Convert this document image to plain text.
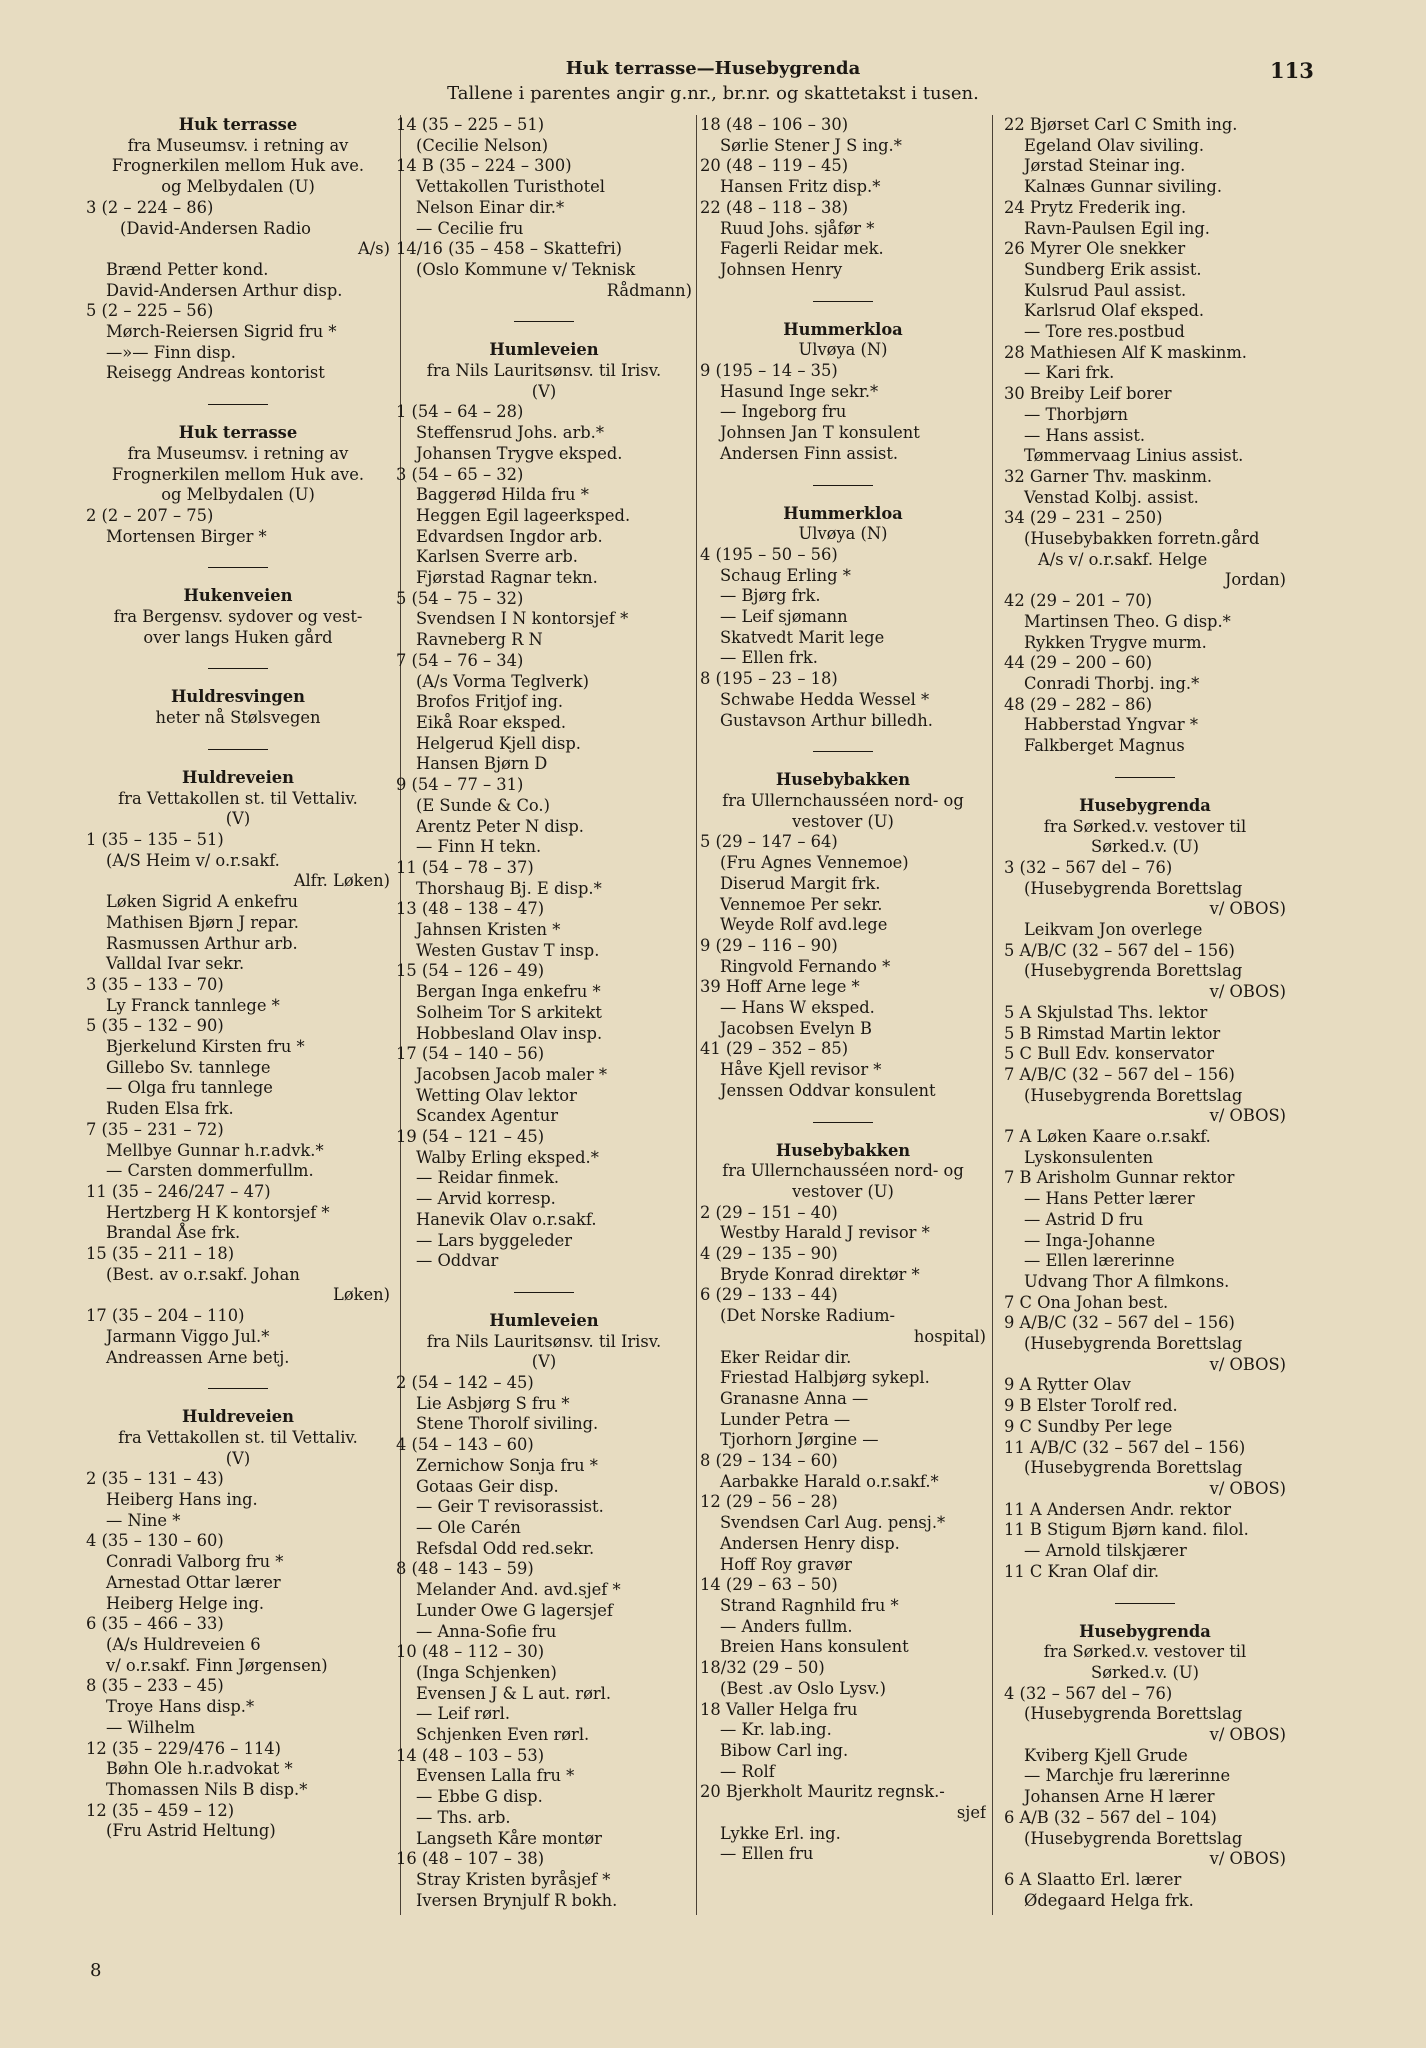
Huk terrasse—Husebygrenda
Tallene i parentes angir g.nr., br.nr. og skattetakst i tusen.
113
Huk terrasse
fra Museumsv. i retning av
Frognerkilen mellom Huk ave.
og Melbydalen (U)
3 (2 – 224 – 86)
(David-Andersen Radio
A/s)
Brænd Petter kond.
David-Andersen Arthur disp.
5 (2 – 225 – 56)
Mørch-Reiersen Sigrid fru *
—»— Finn disp.
Reisegg Andreas kontorist
Huk terrasse
fra Museumsv. i retning av
Frognerkilen mellom Huk ave.
og Melbydalen (U)
2 (2 – 207 – 75)
Mortensen Birger *
Hukenveien
fra Bergensv. sydover og vest-
over langs Huken gård
Huldresvingen
heter nå Stølsvegen
Huldreveien
fra Vettakollen st. til Vettaliv.
(V)
1 (35 – 135 – 51)
(A/S Heim v/ o.r.sakf.
Alfr. Løken)
Løken Sigrid A enkefru
Mathisen Bjørn J repar.
Rasmussen Arthur arb.
Valldal Ivar sekr.
3 (35 – 133 – 70)
Ly Franck tannlege *
5 (35 – 132 – 90)
Bjerkelund Kirsten fru *
Gillebo Sv. tannlege
— Olga fru tannlege
Ruden Elsa frk.
7 (35 – 231 – 72)
Mellbye Gunnar h.r.advk.*
— Carsten dommerfullm.
11 (35 – 246/247 – 47)
Hertzberg H K kontorsjef *
Brandal Åse frk.
15 (35 – 211 – 18)
(Best. av o.r.sakf. Johan
Løken)
17 (35 – 204 – 110)
Jarmann Viggo Jul.*
Andreassen Arne betj.
Huldreveien
fra Vettakollen st. til Vettaliv.
(V)
2 (35 – 131 – 43)
Heiberg Hans ing.
— Nine *
4 (35 – 130 – 60)
Conradi Valborg fru *
Arnestad Ottar lærer
Heiberg Helge ing.
6 (35 – 466 – 33)
(A/s Huldreveien 6
v/ o.r.sakf. Finn Jørgensen)
8 (35 – 233 – 45)
Troye Hans disp.*
— Wilhelm
12 (35 – 229/476 – 114)
Bøhn Ole h.r.advokat *
Thomassen Nils B disp.*
12 (35 – 459 – 12)
(Fru Astrid Heltung)
14 (35 – 225 – 51)
(Cecilie Nelson)
14 B (35 – 224 – 300)
Vettakollen Turisthotel
Nelson Einar dir.*
— Cecilie fru
14/16 (35 – 458 – Skattefri)
(Oslo Kommune v/ Teknisk
Rådmann)
Humleveien
fra Nils Lauritsønsv. til Irisv.
(V)
1 (54 – 64 – 28)
Steffensrud Johs. arb.*
Johansen Trygve eksped.
3 (54 – 65 – 32)
Baggerød Hilda fru *
Heggen Egil lageerksped.
Edvardsen Ingdor arb.
Karlsen Sverre arb.
Fjørstad Ragnar tekn.
5 (54 – 75 – 32)
Svendsen I N kontorsjef *
Ravneberg R N
7 (54 – 76 – 34)
(A/s Vorma Teglverk)
Brofos Fritjof ing.
Eikå Roar eksped.
Helgerud Kjell disp.
Hansen Bjørn D
9 (54 – 77 – 31)
(E Sunde & Co.)
Arentz Peter N disp.
— Finn H tekn.
11 (54 – 78 – 37)
Thorshaug Bj. E disp.*
13 (48 – 138 – 47)
Jahnsen Kristen *
Westen Gustav T insp.
15 (54 – 126 – 49)
Bergan Inga enkefru *
Solheim Tor S arkitekt
Hobbesland Olav insp.
17 (54 – 140 – 56)
Jacobsen Jacob maler *
Wetting Olav lektor
Scandex Agentur
19 (54 – 121 – 45)
Walby Erling eksped.*
— Reidar finmek.
— Arvid korresp.
Hanevik Olav o.r.sakf.
— Lars byggeleder
— Oddvar
Humleveien
fra Nils Lauritsønsv. til Irisv.
(V)
2 (54 – 142 – 45)
Lie Asbjørg S fru *
Stene Thorolf siviling.
4 (54 – 143 – 60)
Zernichow Sonja fru *
Gotaas Geir disp.
— Geir T revisorassist.
— Ole Carén
Refsdal Odd red.sekr.
8 (48 – 143 – 59)
Melander And. avd.sjef *
Lunder Owe G lagersjef
— Anna-Sofie fru
10 (48 – 112 – 30)
(Inga Schjenken)
Evensen J & L aut. rørl.
— Leif rørl.
Schjenken Even rørl.
14 (48 – 103 – 53)
Evensen Lalla fru *
— Ebbe G disp.
— Ths. arb.
Langseth Kåre montør
16 (48 – 107 – 38)
Stray Kristen byråsjef *
Iversen Brynjulf R bokh.
18 (48 – 106 – 30)
Sørlie Stener J S ing.*
20 (48 – 119 – 45)
Hansen Fritz disp.*
22 (48 – 118 – 38)
Ruud Johs. sjåfør *
Fagerli Reidar mek.
Johnsen Henry
Hummerkloa
Ulvøya (N)
9 (195 – 14 – 35)
Hasund Inge sekr.*
— Ingeborg fru
Johnsen Jan T konsulent
Andersen Finn assist.
Hummerkloa
Ulvøya (N)
4 (195 – 50 – 56)
Schaug Erling *
— Bjørg frk.
— Leif sjømann
Skatvedt Marit lege
— Ellen frk.
8 (195 – 23 – 18)
Schwabe Hedda Wessel *
Gustavson Arthur billedh.
Husebybakken
fra Ullernchausséen nord- og
vestover (U)
5 (29 – 147 – 64)
(Fru Agnes Vennemoe)
Diserud Margit frk.
Vennemoe Per sekr.
Weyde Rolf avd.lege
9 (29 – 116 – 90)
Ringvold Fernando *
39 Hoff Arne lege *
— Hans W eksped.
Jacobsen Evelyn B
41 (29 – 352 – 85)
Håve Kjell revisor *
Jenssen Oddvar konsulent
Husebybakken
fra Ullernchausséen nord- og
vestover (U)
2 (29 – 151 – 40)
Westby Harald J revisor *
4 (29 – 135 – 90)
Bryde Konrad direktør *
6 (29 – 133 – 44)
(Det Norske Radium-
hospital)
Eker Reidar dir.
Friestad Halbjørg sykepl.
Granasne Anna —
Lunder Petra —
Tjorhorn Jørgine —
8 (29 – 134 – 60)
Aarbakke Harald o.r.sakf.*
12 (29 – 56 – 28)
Svendsen Carl Aug. pensj.*
Andersen Henry disp.
Hoff Roy gravør
14 (29 – 63 – 50)
Strand Ragnhild fru *
— Anders fullm.
Breien Hans konsulent
18/32 (29 – 50)
(Best .av Oslo Lysv.)
18 Valler Helga fru
— Kr. lab.ing.
Bibow Carl ing.
— Rolf
20 Bjerkholt Mauritz regnsk.-
sjef
Lykke Erl. ing.
— Ellen fru
22 Bjørset Carl C Smith ing.
Egeland Olav siviling.
Jørstad Steinar ing.
Kalnæs Gunnar siviling.
24 Prytz Frederik ing.
Ravn-Paulsen Egil ing.
26 Myrer Ole snekker
Sundberg Erik assist.
Kulsrud Paul assist.
Karlsrud Olaf eksped.
— Tore res.postbud
28 Mathiesen Alf K maskinm.
— Kari frk.
30 Breiby Leif borer
— Thorbjørn
— Hans assist.
Tømmervaag Linius assist.
32 Garner Thv. maskinm.
Venstad Kolbj. assist.
34 (29 – 231 – 250)
(Husebybakken forretn.gård
A/s v/ o.r.sakf. Helge
Jordan)
42 (29 – 201 – 70)
Martinsen Theo. G disp.*
Rykken Trygve murm.
44 (29 – 200 – 60)
Conradi Thorbj. ing.*
48 (29 – 282 – 86)
Habberstad Yngvar *
Falkberget Magnus
Husebygrenda
fra Sørked.v. vestover til
Sørked.v. (U)
3 (32 – 567 del – 76)
(Husebygrenda Borettslag
v/ OBOS)
Leikvam Jon overlege
5 A/B/C (32 – 567 del – 156)
(Husebygrenda Borettslag
v/ OBOS)
5 A Skjulstad Ths. lektor
5 B Rimstad Martin lektor
5 C Bull Edv. konservator
7 A/B/C (32 – 567 del – 156)
(Husebygrenda Borettslag
v/ OBOS)
7 A Løken Kaare o.r.sakf.
Lyskonsulenten
7 B Arisholm Gunnar rektor
— Hans Petter lærer
— Astrid D fru
— Inga-Johanne
— Ellen lærerinne
Udvang Thor A filmkons.
7 C Ona Johan best.
9 A/B/C (32 – 567 del – 156)
(Husebygrenda Borettslag
v/ OBOS)
9 A Rytter Olav
9 B Elster Torolf red.
9 C Sundby Per lege
11 A/B/C (32 – 567 del – 156)
(Husebygrenda Borettslag
v/ OBOS)
11 A Andersen Andr. rektor
11 B Stigum Bjørn kand. filol.
— Arnold tilskjærer
11 C Kran Olaf dir.
Husebygrenda
fra Sørked.v. vestover til
Sørked.v. (U)
4 (32 – 567 del – 76)
(Husebygrenda Borettslag
v/ OBOS)
Kviberg Kjell Grude
— Marchje fru lærerinne
Johansen Arne H lærer
6 A/B (32 – 567 del – 104)
(Husebygrenda Borettslag
v/ OBOS)
6 A Slaatto Erl. lærer
Ødegaard Helga frk.
8
